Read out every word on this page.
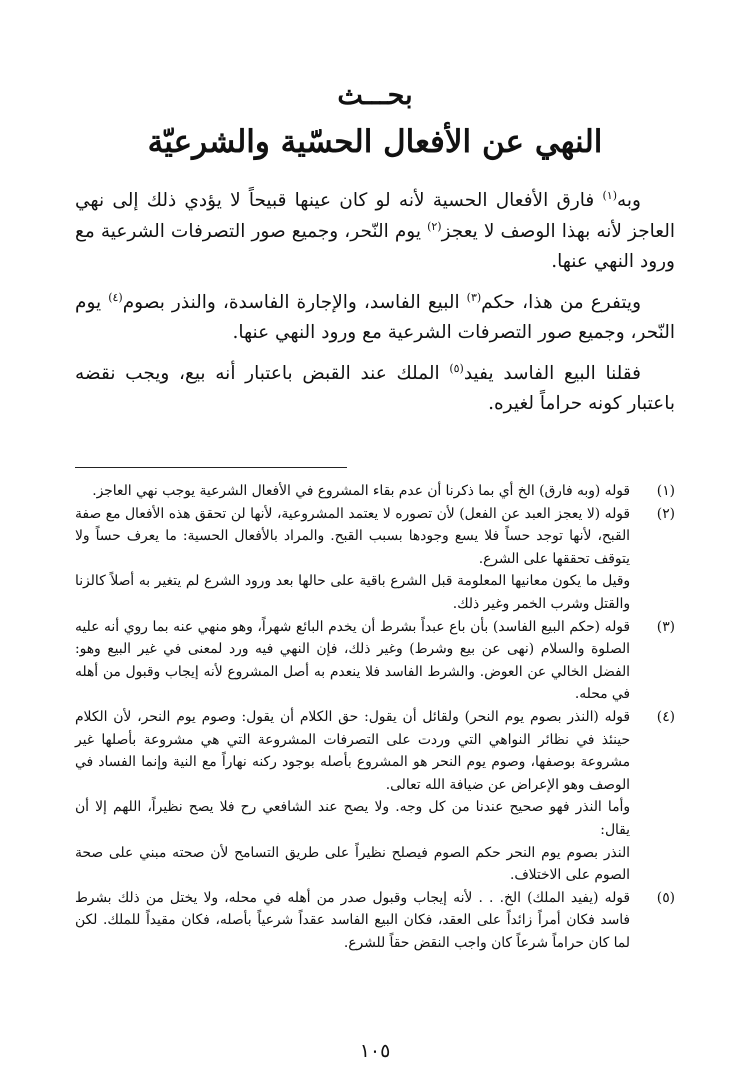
بحـــث
النهي عن الأفعال الحسّية والشرعيّة

وبه$^{(١)}$ فارق الأفعال الحسية لأنه لو كان عينها قبيحاً لا يؤدي ذلك إلى نهي العاجز لأنه بهذا الوصف لا يعجز$^{(٢)}$ يوم النّحر، وجميع صور التصرفات الشرعية مع ورود النهي عنها.

ويتفرع من هذا، حكم$^{(٣)}$ البيع الفاسد، والإجارة الفاسدة، والنذر بصوم$^{(٤)}$ يوم النّحر، وجميع صور التصرفات الشرعية مع ورود النهي عنها.

فقلنا البيع الفاسد يفيد$^{(٥)}$ الملك عند القبض باعتبار أنه بيع، ويجب نقضه باعتبار كونه حراماً لغيره.

(١)

قوله (وبه فارق) الخ أي بما ذكرنا أن عدم بقاء المشروع في الأفعال الشرعية يوجب نهي العاجز.

(٢)

قوله (لا يعجز العبد عن الفعل) لأن تصوره لا يعتمد المشروعية، لأنها لن تحقق هذه الأفعال مع صفة القبح، لأنها توجد حساً فلا يسع وجودها بسبب القبح. والمراد بالأفعال الحسية: ما يعرف حساً ولا يتوقف تحققها على الشرع.

وقيل ما يكون معانيها المعلومة قبل الشرع باقية على حالها بعد ورود الشرع لم يتغير به أصلاً كالزنا والقتل وشرب الخمر وغير ذلك.

(٣)

قوله (حكم البيع الفاسد) بأن باع عبداً بشرط أن يخدم البائع شهراً، وهو منهي عنه بما روي أنه عليه الصلوة والسلام (نهى عن بيع وشرط) وغير ذلك، فإن النهي فيه ورد لمعنى في غير البيع وهو: الفضل الخالي عن العوض. والشرط الفاسد فلا ينعدم به أصل المشروع لأنه إيجاب وقبول من أهله في محله.

(٤)

قوله (النذر بصوم يوم النحر) ولقائل أن يقول: حق الكلام أن يقول: وصوم يوم النحر، لأن الكلام حينئذ في نظائر النواهي التي وردت على التصرفات المشروعة التي هي مشروعة بأصلها غير مشروعة بوصفها، وصوم يوم النحر هو المشروع بأصله بوجود ركنه نهاراً مع النية وإنما الفساد في الوصف وهو الإعراض عن ضيافة الله تعالى.

وأما النذر فهو صحيح عندنا من كل وجه. ولا يصح عند الشافعي رح فلا يصح نظيراً، اللهم إلا أن يقال:

النذر بصوم يوم النحر حكم الصوم فيصلح نظيراً على طريق التسامح لأن صحته مبني على صحة الصوم على الاختلاف.

(٥)

قوله (يفيد الملك) الخ. . . لأنه إيجاب وقبول صدر من أهله في محله، ولا يختل من ذلك بشرط فاسد فكان أمراً زائداً على العقد، فكان البيع الفاسد عقداً شرعياً بأصله، فكان مقيداً للملك. لكن لما كان حراماً شرعاً كان واجب النقض حقاً للشرع.

١٠٥
